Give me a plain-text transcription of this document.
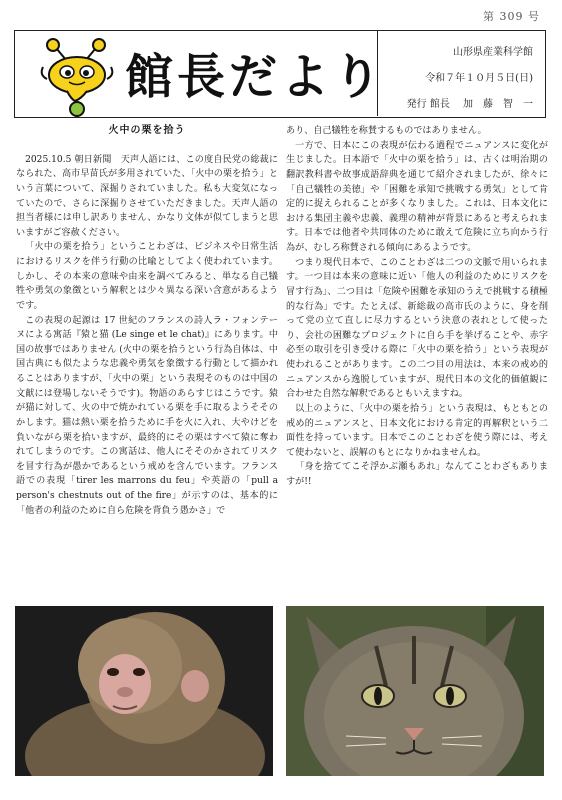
第 309 号
館長だより	山形県産業科学館
令和７年１０月５日(日)
発行 館長　 加　藤　智　一

火中の栗を拾う

2025.10.5 朝日新聞　天声人語には、この度自民党の総裁になられた、高市早苗氏が多用されていた、「火中の栗を拾う」という言葉について、深掘りされていました。私も大変気になっていたので、さらに深掘りさせていただきました。天声人語の担当者様には申し訳ありません、かなり文体が似てしまうと思いますがご容赦ください。

「火中の栗を拾う」ということわざは、ビジネスや日常生活におけるリスクを伴う行動の比喩としてよく使われています。しかし、その本来の意味や由来を調べてみると、単なる自己犠牲や勇気の象徴という解釈とは少々異なる深い含意があるようです。

この表現の起源は 17 世紀のフランスの詩人ラ・フォンテーヌによる寓話『猿と猫 (Le singe et le chat)』にあります。中国の故事ではありません (火中の栗を拾うという行為自体は、中国古典にも似たような忠義や勇気を象徴する行動として描かれることはありますが、「火中の栗」という表現そのものは中国の文献には登場しないそうです)。物語のあらすじはこうです。猿が猫に対して、火の中で焼かれている栗を手に取るようそそのかします。猫は熱い栗を拾うために手を火に入れ、大やけどを負いながら栗を拾いますが、最終的にその栗はすべて猿に奪われてしまうのです。この寓話は、他人にそそのかされてリスクを冒す行為が愚かであるという戒めを含んでいます。フランス語での表現「tirer les marrons du feu」や英語の「pull a person's chestnuts out of the fire」が示すのは、基本的に「他者の利益のために自ら危険を背負う愚かさ」で

あり、自己犠牲を称賛するものではありません。

一方で、日本にこの表現が伝わる過程でニュアンスに変化が生じました。日本語で「火中の栗を拾う」は、古くは明治期の翻訳教科書や故事成語辞典を通じて紹介されましたが、徐々に「自己犠牲の美徳」や「困難を承知で挑戦する勇気」として肯定的に捉えられることが多くなりました。これは、日本文化における集団主義や忠義、義理の精神が背景にあると考えられます。日本では他者や共同体のために敢えて危険に立ち向かう行為が、むしろ称賛される傾向にあるようです。

つまり現代日本で、このことわざは二つの文脈で用いられます。一つ目は本来の意味に近い「他人の利益のためにリスクを冒す行為」、二つ目は「危険や困難を承知のうえで挑戦する積極的な行為」です。たとえば、新総裁の高市氏のように、身を削って党の立て直しに尽力するという決意の表れとして使ったり、会社の困難なプロジェクトに自ら手を挙げることや、赤字必至の取引を引き受ける際に「火中の栗を拾う」という表現が使われることがあります。この二つ目の用法は、本来の戒め的ニュアンスから逸脱していますが、現代日本の文化的価値観に合わせた自然な解釈であるともいえますね。

以上のように、「火中の栗を拾う」という表現は、もともとの戒め的ニュアンスと、日本文化における肯定的再解釈という二面性を持っています。日本でこのことわざを使う際には、考えて使わないと、誤解のもとになりかねませんね。

「身を捨ててこそ浮かぶ瀬もあれ」なんてことわざもありますが!!
